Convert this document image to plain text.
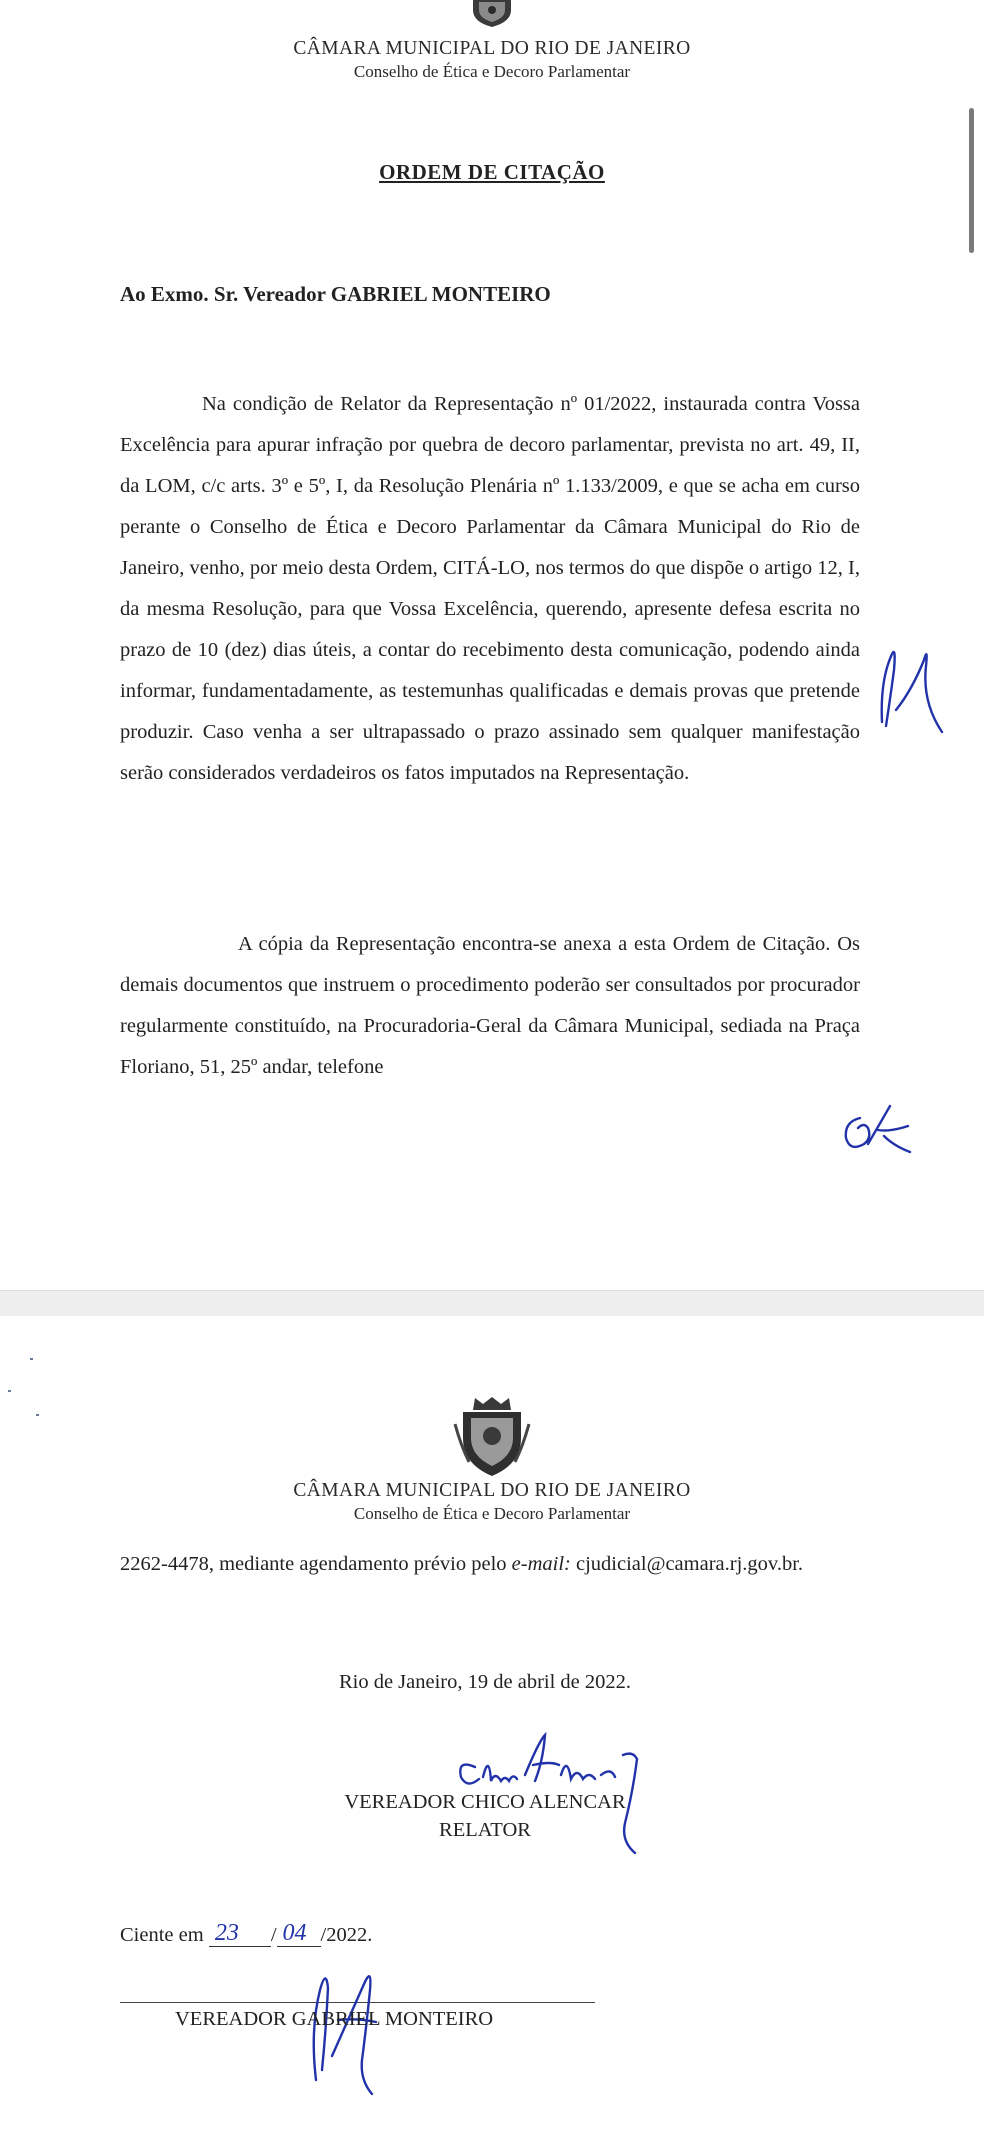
CÂMARA MUNICIPAL DO RIO DE JANEIRO
Conselho de Ética e Decoro Parlamentar
ORDEM DE CITAÇÃO
Ao Exmo. Sr. Vereador GABRIEL MONTEIRO

Na condição de Relator da Representação nº 01/2022, instaurada contra Vossa Excelência para apurar infração por quebra de decoro parlamentar, prevista no art. 49, II, da LOM, c/c arts. 3º e 5º, I, da Resolução Plenária nº 1.133/2009, e que se acha em curso perante o Conselho de Ética e Decoro Parlamentar da Câmara Municipal do Rio de Janeiro, venho, por meio desta Ordem, CITÁ-LO, nos termos do que dispõe o artigo 12, I, da mesma Resolução, para que Vossa Excelência, querendo, apresente defesa escrita no prazo de 10 (dez) dias úteis, a contar do recebimento desta comunicação, podendo ainda informar, fundamentadamente, as testemunhas qualificadas e demais provas que pretende produzir. Caso venha a ser ultrapassado o prazo assinado sem qualquer manifestação serão considerados verdadeiros os fatos imputados na Representação.

A cópia da Representação encontra-se anexa a esta Ordem de Citação. Os demais documentos que instruem o procedimento poderão ser consultados por procurador regularmente constituído, na Procuradoria-Geral da Câmara Municipal, sediada na Praça Floriano, 51, 25º andar, telefone

CÂMARA MUNICIPAL DO RIO DE JANEIRO
Conselho de Ética e Decoro Parlamentar

2262-4478, mediante agendamento prévio pelo e-mail: cjudicial@camara.rj.gov.br.

Rio de Janeiro, 19 de abril de 2022.
VEREADOR CHICO ALENCAR
RELATOR
Ciente em 23 / 04 /2022.
VEREADOR GABRIEL MONTEIRO
